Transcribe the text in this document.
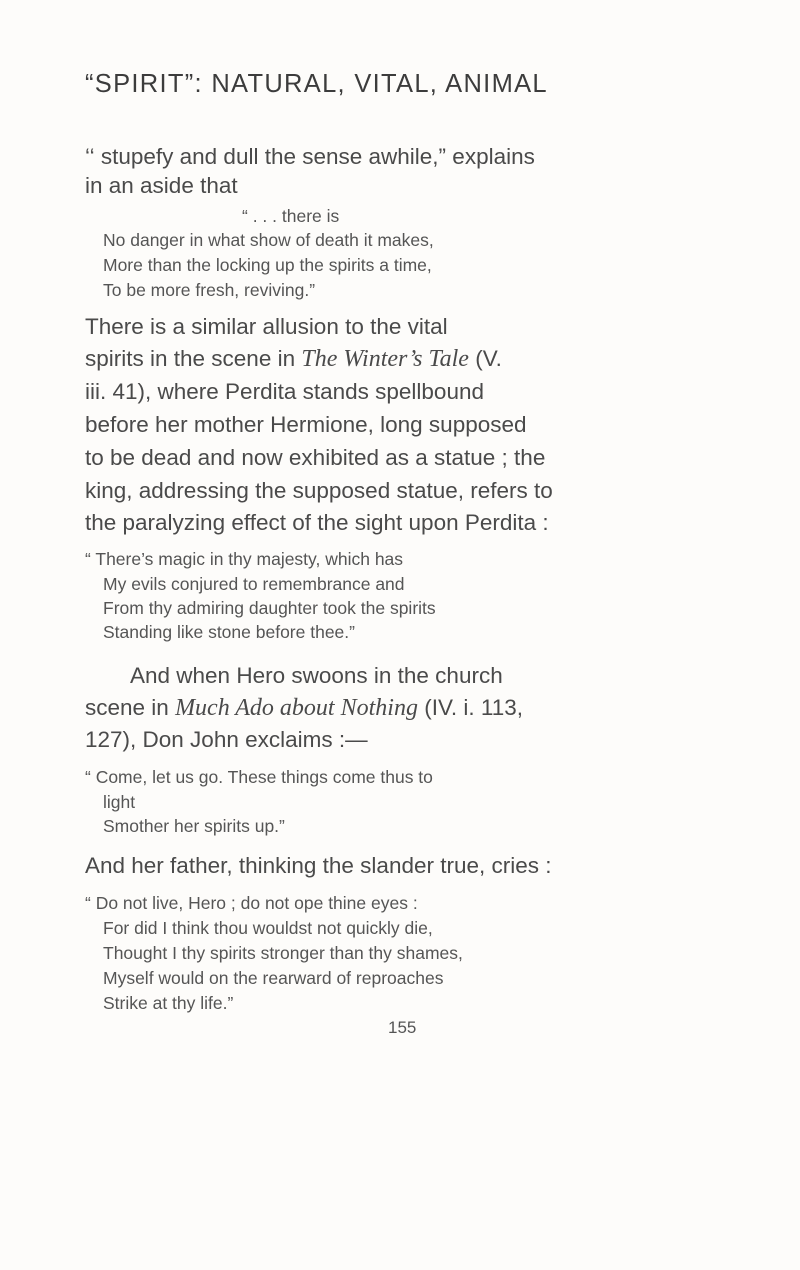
“SPIRIT”: NATURAL, VITAL, ANIMAL
‘‘ stupefy and dull the sense awhile,” explains
in an aside that
“ . . . there is
No danger in what show of death it makes,
More than the locking up the spirits a time,
To be more fresh, reviving.”
There is a similar allusion to the vital
spirits in the scene in The Winter’s Tale (V.
iii. 41), where Perdita stands spellbound
before her mother Hermione, long supposed
to be dead and now exhibited as a statue ; the
king, addressing the supposed statue, refers to
the paralyzing effect of the sight upon Perdita :
“ There’s magic in thy majesty, which has
My evils conjured to remembrance and
From thy admiring daughter took the spirits
Standing like stone before thee.”
And when Hero swoons in the church
scene in Much Ado about Nothing (IV. i. 113,
127), Don John exclaims :—
“ Come, let us go. These things come thus to
light
Smother her spirits up.”
And her father, thinking the slander true, cries :
“ Do not live, Hero ; do not ope thine eyes :
For did I think thou wouldst not quickly die,
Thought I thy spirits stronger than thy shames,
Myself would on the rearward of reproaches
Strike at thy life.”
155
